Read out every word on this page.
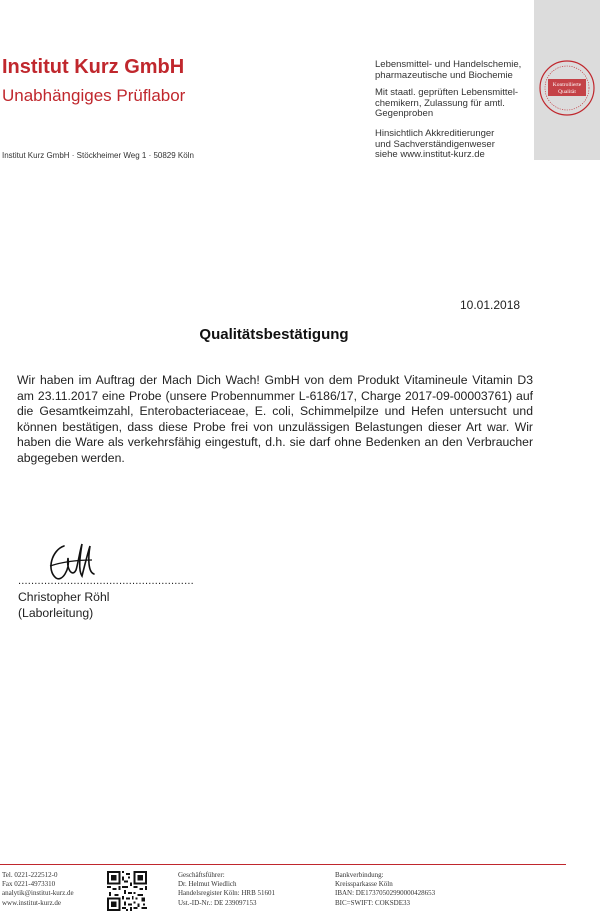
Institut Kurz GmbH
Unabhängiges Prüflabor
Institut Kurz GmbH · Stöckheimer Weg 1 · 50829 Köln
Lebensmittel- und Handelschemie,
pharmazeutische und Biochemie
Mit staatl. geprüften Lebensmittel-
chemikern, Zulassung für amtl.
Gegenproben
Hinsichtlich Akkreditierunger
und Sachverständigenweser
siehe www.institut-kurz.de
Kontrollierte
Qualität
10.01.2018
Qualitätsbestätigung
Wir haben im Auftrag der Mach Dich Wach! GmbH von dem Produkt Vitamineule Vitamin D3 am 23.11.2017 eine Probe (unsere Probennummer L-6186/17, Charge 2017-09-00003761) auf die Gesamtkeimzahl, Enterobacteriaceae, E. coli, Schimmelpilze und Hefen untersucht und können bestätigen, dass diese Probe frei von unzulässigen Belastungen dieser Art war. Wir haben die Ware als verkehrsfähig eingestuft, d.h. sie darf ohne Bedenken an den Verbraucher abgegeben werden.
......................................................
Christopher Röhl
(Laborleitung)
Tel. 0221-222512-0
Fax 0221-4973310
analytik@institut-kurz.de
www.institut-kurz.de
Geschäftsführer:
Dr. Helmut Wiedlich
Handelsregister Köln: HRB 51601
Ust.-ID-Nr.: DE 239097153
Bankverbindung:
Kreissparkasse Köln
IBAN: DE17370502990000428653
BIC=SWIFT: COKSDE33
